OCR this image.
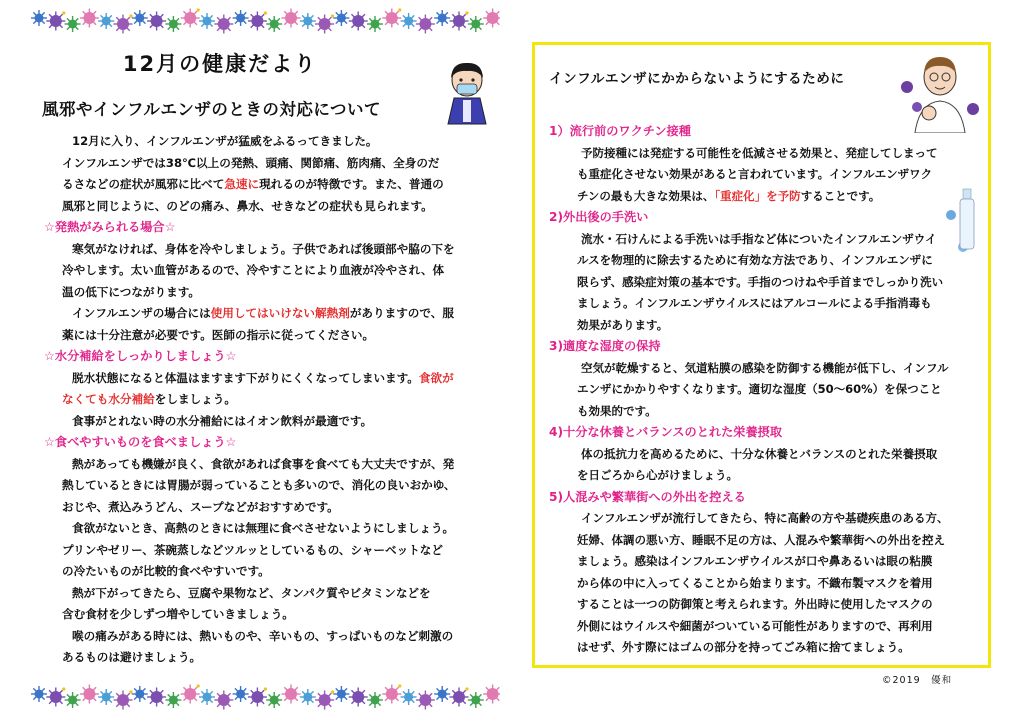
12月の健康だより
風邪やインフルエンザのときの対応について

12月に入り、インフルエンザが猛威をふるってきました。

インフルエンザでは38℃以上の発熱、頭痛、関節痛、筋肉痛、全身のだ

るさなどの症状が風邪に比べて急速に現れるのが特徴です。また、普通の

風邪と同じように、のどの痛み、鼻水、せきなどの症状も見られます。

☆発熱がみられる場合☆

寒気がなければ、身体を冷やしましょう。子供であれば後頭部や脇の下を

冷やします。太い血管があるので、冷やすことにより血液が冷やされ、体

温の低下につながります。

インフルエンザの場合には使用してはいけない解熱剤がありますので、服

薬には十分注意が必要です。医師の指示に従ってください。

☆水分補給をしっかりしましょう☆

脱水状態になると体温はますます下がりにくくなってしまいます。食欲が

なくても水分補給をしましょう。

食事がとれない時の水分補給にはイオン飲料が最適です。

☆食べやすいものを食べましょう☆

熱があっても機嫌が良く、食欲があれば食事を食べても大丈夫ですが、発

熱しているときには胃腸が弱っていることも多いので、消化の良いおかゆ、

おじや、煮込みうどん、スープなどがおすすめです。

食欲がないとき、高熱のときには無理に食べさせないようにしましょう。

プリンやゼリー、茶碗蒸しなどツルッとしているもの、シャーベットなど

の冷たいものが比較的食べやすいです。

熱が下がってきたら、豆腐や果物など、タンパク質やビタミンなどを

含む食材を少しずつ増やしていきましょう。

喉の痛みがある時には、熱いものや、辛いもの、すっぱいものなど刺激の

あるものは避けましょう。

インフルエンザにかからないようにするために

1）流行前のワクチン接種

予防接種には発症する可能性を低減させる効果と、発症してしまって

も重症化させない効果があると言われています。インフルエンザワク

チンの最も大きな効果は、「重症化」を予防することです。

2)外出後の手洗い

流水・石けんによる手洗いは手指など体についたインフルエンザウイ

ルスを物理的に除去するために有効な方法であり、インフルエンザに

限らず、感染症対策の基本です。手指のつけねや手首までしっかり洗い

ましょう。インフルエンザウイルスにはアルコールによる手指消毒も

効果があります。

3)適度な湿度の保持

空気が乾燥すると、気道粘膜の感染を防御する機能が低下し、インフル

エンザにかかりやすくなります。適切な湿度（50～60%）を保つこと

も効果的です。

4)十分な休養とバランスのとれた栄養摂取

体の抵抗力を高めるために、十分な休養とバランスのとれた栄養摂取

を日ごろから心がけましょう。

5)人混みや繁華街への外出を控える

インフルエンザが流行してきたら、特に高齢の方や基礎疾患のある方、

妊婦、体調の悪い方、睡眠不足の方は、人混みや繁華街への外出を控え

ましょう。感染はインフルエンザウイルスが口や鼻あるいは眼の粘膜

から体の中に入ってくることから始まります。不織布製マスクを着用

することは一つの防御策と考えられます。外出時に使用したマスクの

外側にはウイルスや細菌がついている可能性がありますので、再利用

はせず、外す際にはゴムの部分を持ってごみ箱に捨てましょう。

©2019　優和
